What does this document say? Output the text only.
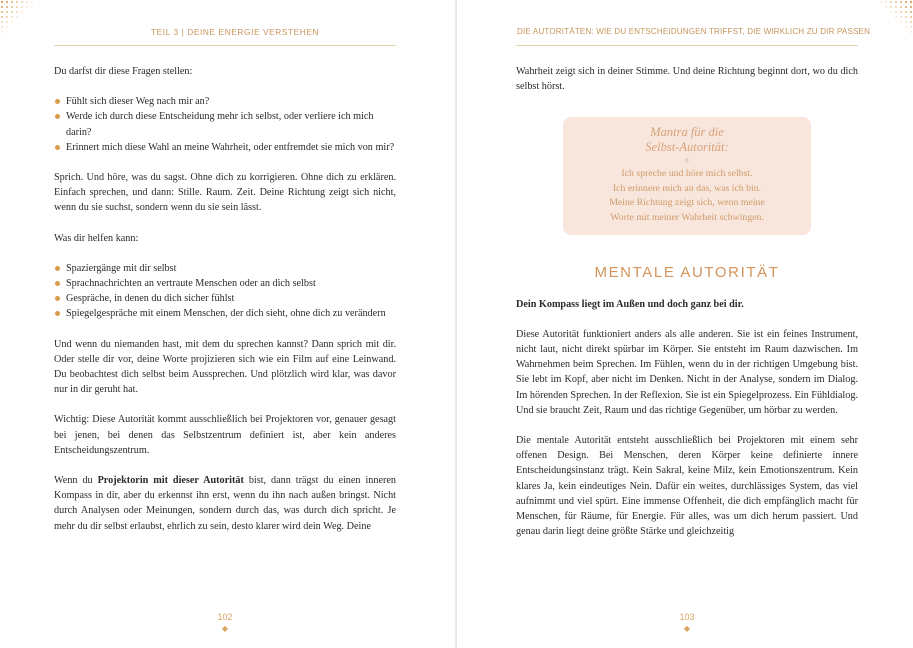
TEIL 3 | DEINE ENERGIE VERSTEHEN

Du darfst dir diese Fragen stellen:

Fühlt sich dieser Weg nach mir an?
Werde ich durch diese Entscheidung mehr ich selbst, oder verliere ich mich darin?
Erinnert mich diese Wahl an meine Wahrheit, oder entfremdet sie mich von mir?

Sprich. Und höre, was du sagst. Ohne dich zu korrigieren. Ohne dich zu erklären. Einfach sprechen, und dann: Stille. Raum. Zeit. Deine Richtung zeigt sich nicht, wenn du sie suchst, sondern wenn du sie sein lässt.

Was dir helfen kann:

Spaziergänge mit dir selbst
Sprachnachrichten an vertraute Menschen oder an dich selbst
Gespräche, in denen du dich sicher fühlst
Spiegelgespräche mit einem Menschen, der dich sieht, ohne dich zu verändern

Und wenn du niemanden hast, mit dem du sprechen kannst? Dann sprich mit dir. Oder stelle dir vor, deine Worte projizieren sich wie ein Film auf eine Leinwand. Du beobachtest dich selbst beim Aussprechen. Und plötzlich wird klar, was davor nur in dir geruht hat.

Wichtig: Diese Autorität kommt ausschließlich bei Projektoren vor, genauer gesagt bei jenen, bei denen das Selbstzentrum definiert ist, aber kein anderes Entscheidungszentrum.

Wenn du Projektorin mit dieser Autorität bist, dann trägst du einen inneren Kompass in dir, aber du erkennst ihn erst, wenn du ihn nach außen bringst. Nicht durch Analysen oder Meinungen, sondern durch das, was durch dich spricht. Je mehr du dir selbst erlaubst, ehrlich zu sein, desto klarer wird dein Weg. Deine

102
◆
DIE AUTORITÄTEN: WIE DU ENTSCHEIDUNGEN TRIFFST, DIE WIRKLICH ZU DIR PASSEN

Wahrheit zeigt sich in deiner Stimme. Und deine Richtung beginnt dort, wo du dich selbst hörst.

Mantra für die
Selbst-Autorität:
✧
Ich spreche und höre mich selbst.
Ich erinnere mich an das, was ich bin.
Meine Richtung zeigt sich, wenn meine
Worte mit meiner Wahrheit schwingen.
MENTALE AUTORITÄT

Dein Kompass liegt im Außen und doch ganz bei dir.

Diese Autorität funktioniert anders als alle anderen. Sie ist ein feines Instrument, nicht laut, nicht direkt spürbar im Körper. Sie entsteht im Raum dazwischen. Im Wahrnehmen beim Sprechen. Im Fühlen, wenn du in der richtigen Umgebung bist. Sie lebt im Kopf, aber nicht im Denken. Nicht in der Analyse, sondern im Dialog. Im hörenden Sprechen. In der Reflexion. Sie ist ein Spiegelprozess. Ein Fühldialog. Und sie braucht Zeit, Raum und das richtige Gegenüber, um hörbar zu werden.

Die mentale Autorität entsteht ausschließlich bei Projektoren mit einem sehr offenen Design. Bei Menschen, deren Körper keine definierte innere Entscheidungsinstanz trägt. Kein Sakral, keine Milz, kein Emotionszentrum. Kein klares Ja, kein eindeutiges Nein. Dafür ein weites, durchlässiges System, das viel aufnimmt und viel spürt. Eine immense Offenheit, die dich empfänglich macht für Menschen, für Räume, für Energie. Für alles, was um dich herum passiert. Und genau darin liegt deine größte Stärke und gleichzeitig

103
◆
